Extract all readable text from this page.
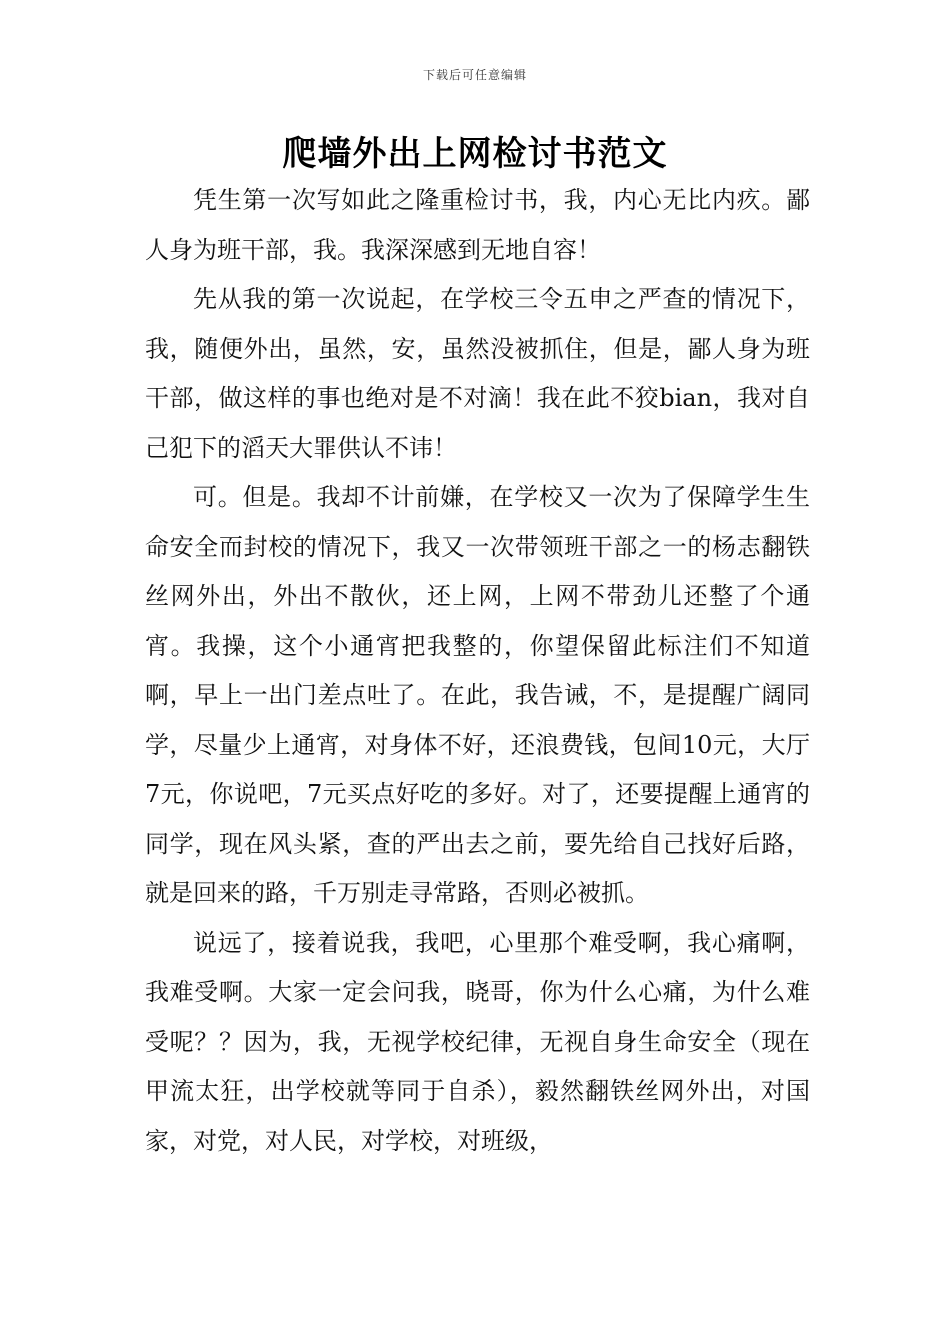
下载后可任意编辑
爬墙外出上网检讨书范文

凭生第一次写如此之隆重检讨书，我，内心无比内疚。鄙人身为班干部，我。我深深感到无地自容！

先从我的第一次说起，在学校三令五申之严查的情况下，我，随便外出，虽然，安，虽然没被抓住，但是，鄙人身为班干部，做这样的事也绝对是不对滴！我在此不狡bian，我对自己犯下的滔天大罪供认不讳！

可。但是。我却不计前嫌，在学校又一次为了保障学生生命安全而封校的情况下，我又一次带领班干部之一的杨志翻铁丝网外出，外出不散伙，还上网，上网不带劲儿还整了个通宵。我操，这个小通宵把我整的，你望保留此标注们不知道啊，早上一出门差点吐了。在此，我告诫，不，是提醒广阔同学，尽量少上通宵，对身体不好，还浪费钱，包间10元，大厅7元，你说吧，7元买点好吃的多好。对了，还要提醒上通宵的同学，现在风头紧，查的严出去之前，要先给自己找好后路，就是回来的路，千万别走寻常路，否则必被抓。

说远了，接着说我，我吧，心里那个难受啊，我心痛啊，我难受啊。大家一定会问我，晓哥，你为什么心痛，为什么难受呢？？因为，我，无视学校纪律，无视自身生命安全（现在甲流太狂，出学校就等同于自杀），毅然翻铁丝网外出，对国家，对党，对人民，对学校，对班级，
